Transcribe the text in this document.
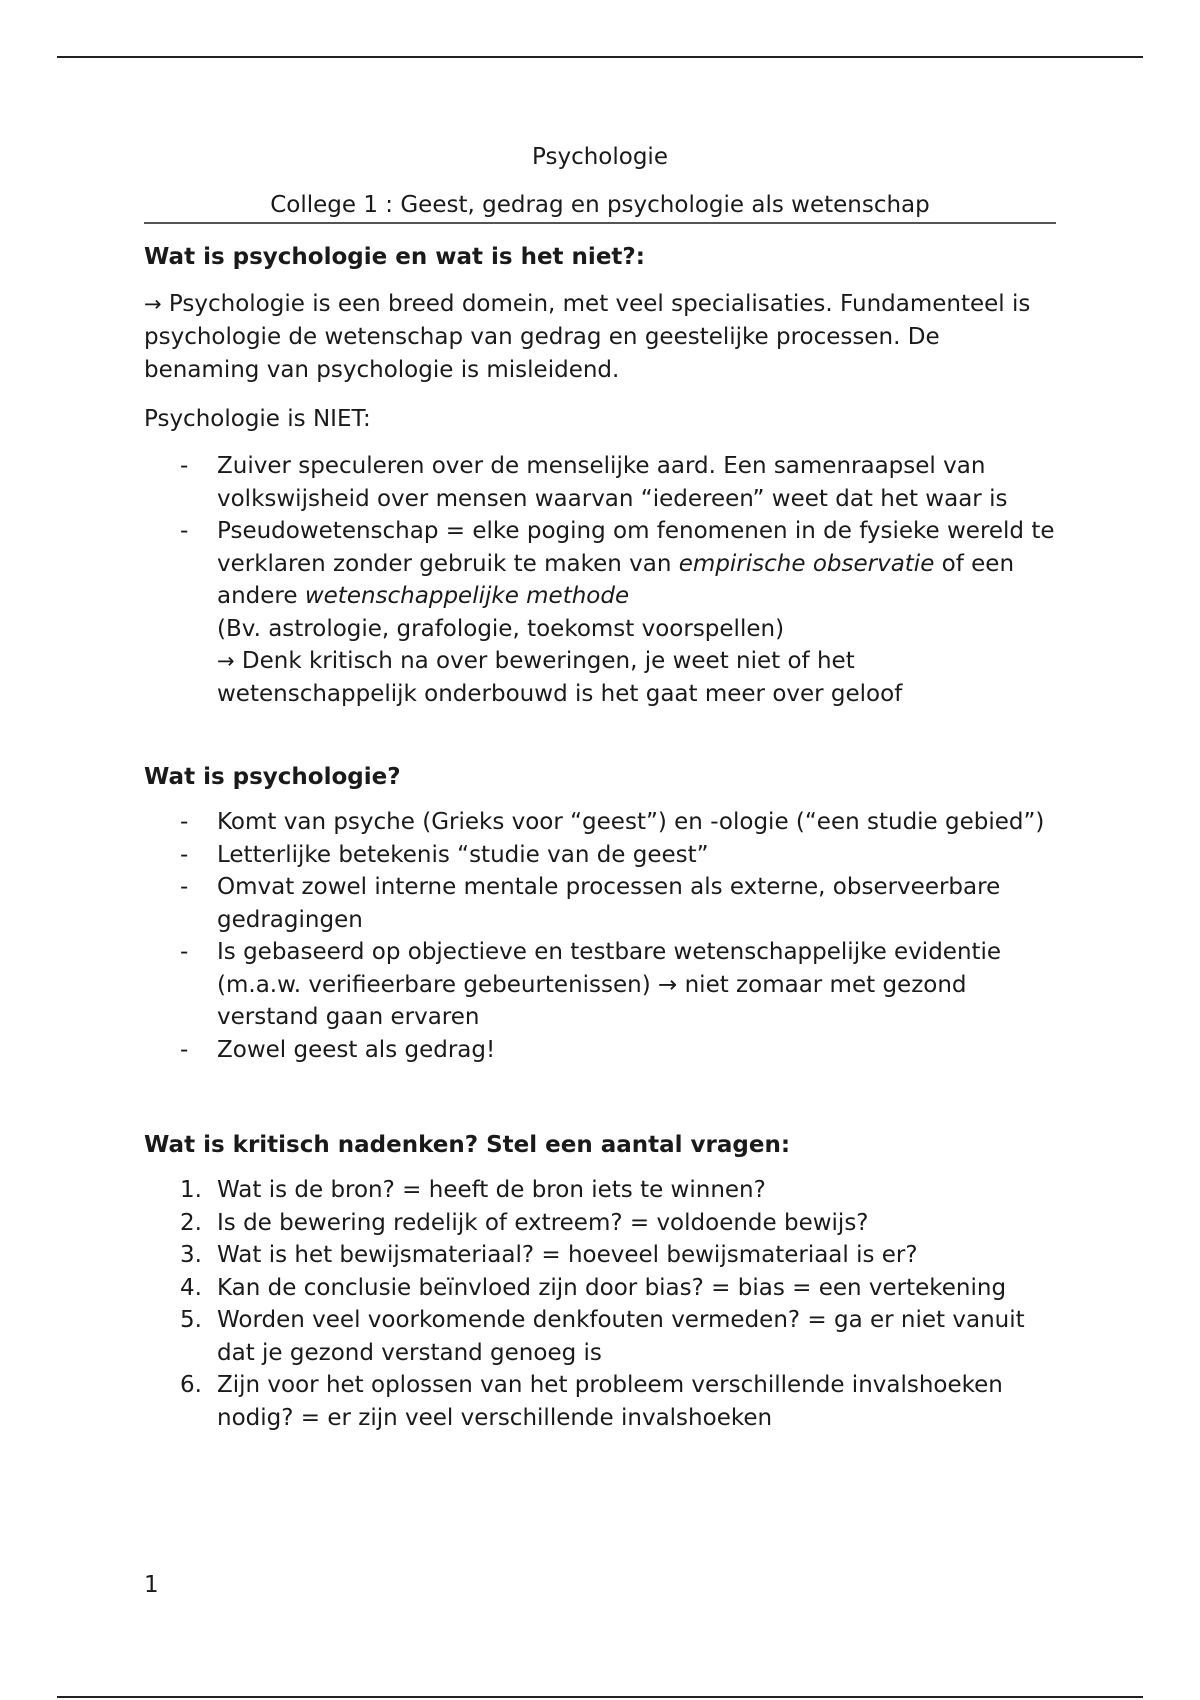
Psychologie
College 1 : Geest, gedrag en psychologie als wetenschap
Wat is psychologie en wat is het niet?:

→ Psychologie is een breed domein, met veel specialisaties. Fundamenteel is psychologie de wetenschap van gedrag en geestelijke processen. De benaming van psychologie is misleidend.

Psychologie is NIET:

- Zuiver speculeren over de menselijke aard. Een samenraapsel van volkswijsheid over mensen waarvan “iedereen” weet dat het waar is
- Pseudowetenschap = elke poging om fenomenen in de fysieke wereld te verklaren zonder gebruik te maken van empirische observatie of een andere wetenschappelijke methode
(Bv. astrologie, grafologie, toekomst voorspellen)
→ Denk kritisch na over beweringen, je weet niet of het wetenschappelijk onderbouwd is het gaat meer over geloof
Wat is psychologie?
- Komt van psyche (Grieks voor “geest”) en -ologie (“een studie gebied”)
- Letterlijke betekenis “studie van de geest”
- Omvat zowel interne mentale processen als externe, observeerbare gedragingen
- Is gebaseerd op objectieve en testbare wetenschappelijke evidentie (m.a.w. verifieerbare gebeurtenissen) → niet zomaar met gezond verstand gaan ervaren
- Zowel geest als gedrag!
Wat is kritisch nadenken? Stel een aantal vragen:
1. Wat is de bron? = heeft de bron iets te winnen?
2. Is de bewering redelijk of extreem? = voldoende bewijs?
3. Wat is het bewijsmateriaal? = hoeveel bewijsmateriaal is er?
4. Kan de conclusie beïnvloed zijn door bias? = bias = een vertekening
5. Worden veel voorkomende denkfouten vermeden? = ga er niet vanuit dat je gezond verstand genoeg is
6. Zijn voor het oplossen van het probleem verschillende invalshoeken nodig? = er zijn veel verschillende invalshoeken
1
